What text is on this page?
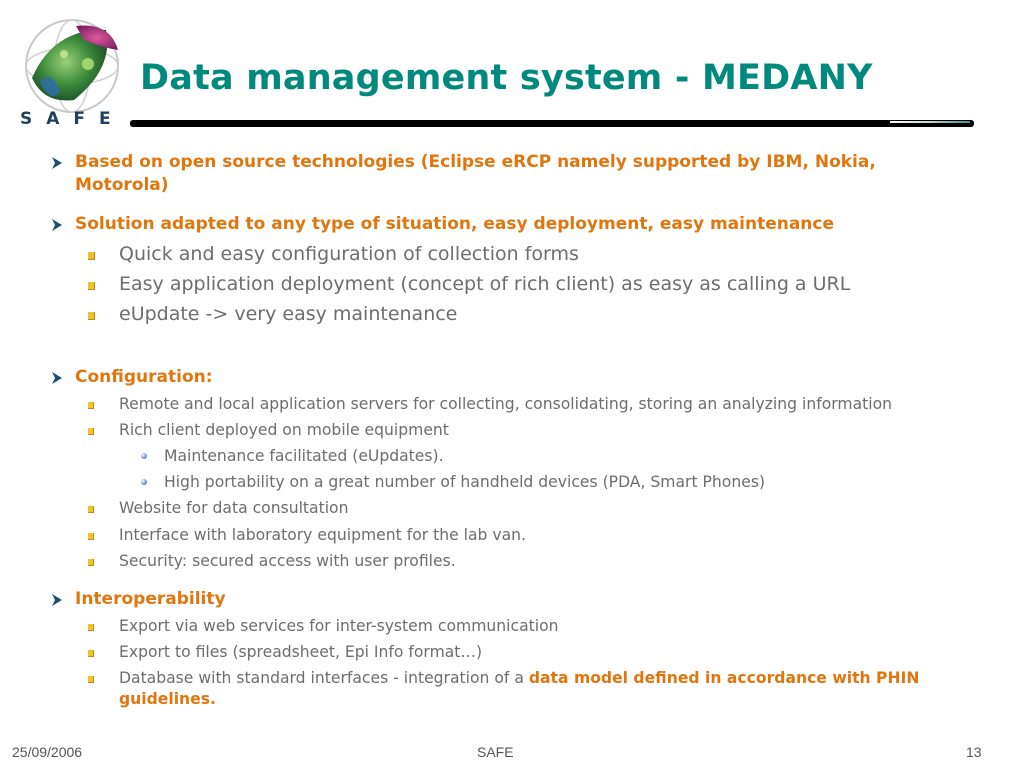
SAFE
Data management system - MEDANY
Based on open source technologies (Eclipse eRCP namely supported by IBM, Nokia, Motorola)
Solution adapted to any type of situation, easy deployment, easy maintenance
Quick and easy configuration of collection forms
Easy application deployment (concept of rich client) as easy as calling a URL
eUpdate -> very easy maintenance
Configuration:
Remote and local application servers for collecting, consolidating, storing an analyzing information
Rich client deployed on mobile equipment
Maintenance facilitated (eUpdates).
High portability on a great number of handheld devices (PDA, Smart Phones)
Website for data consultation
Interface with laboratory equipment for the lab van.
Security: secured access with user profiles.
Interoperability
Export via web services for inter-system communication
Export to files (spreadsheet, Epi Info format…)
Database with standard interfaces - integration of a data model defined in accordance with PHIN guidelines.
25/09/2006	SAFE	13
